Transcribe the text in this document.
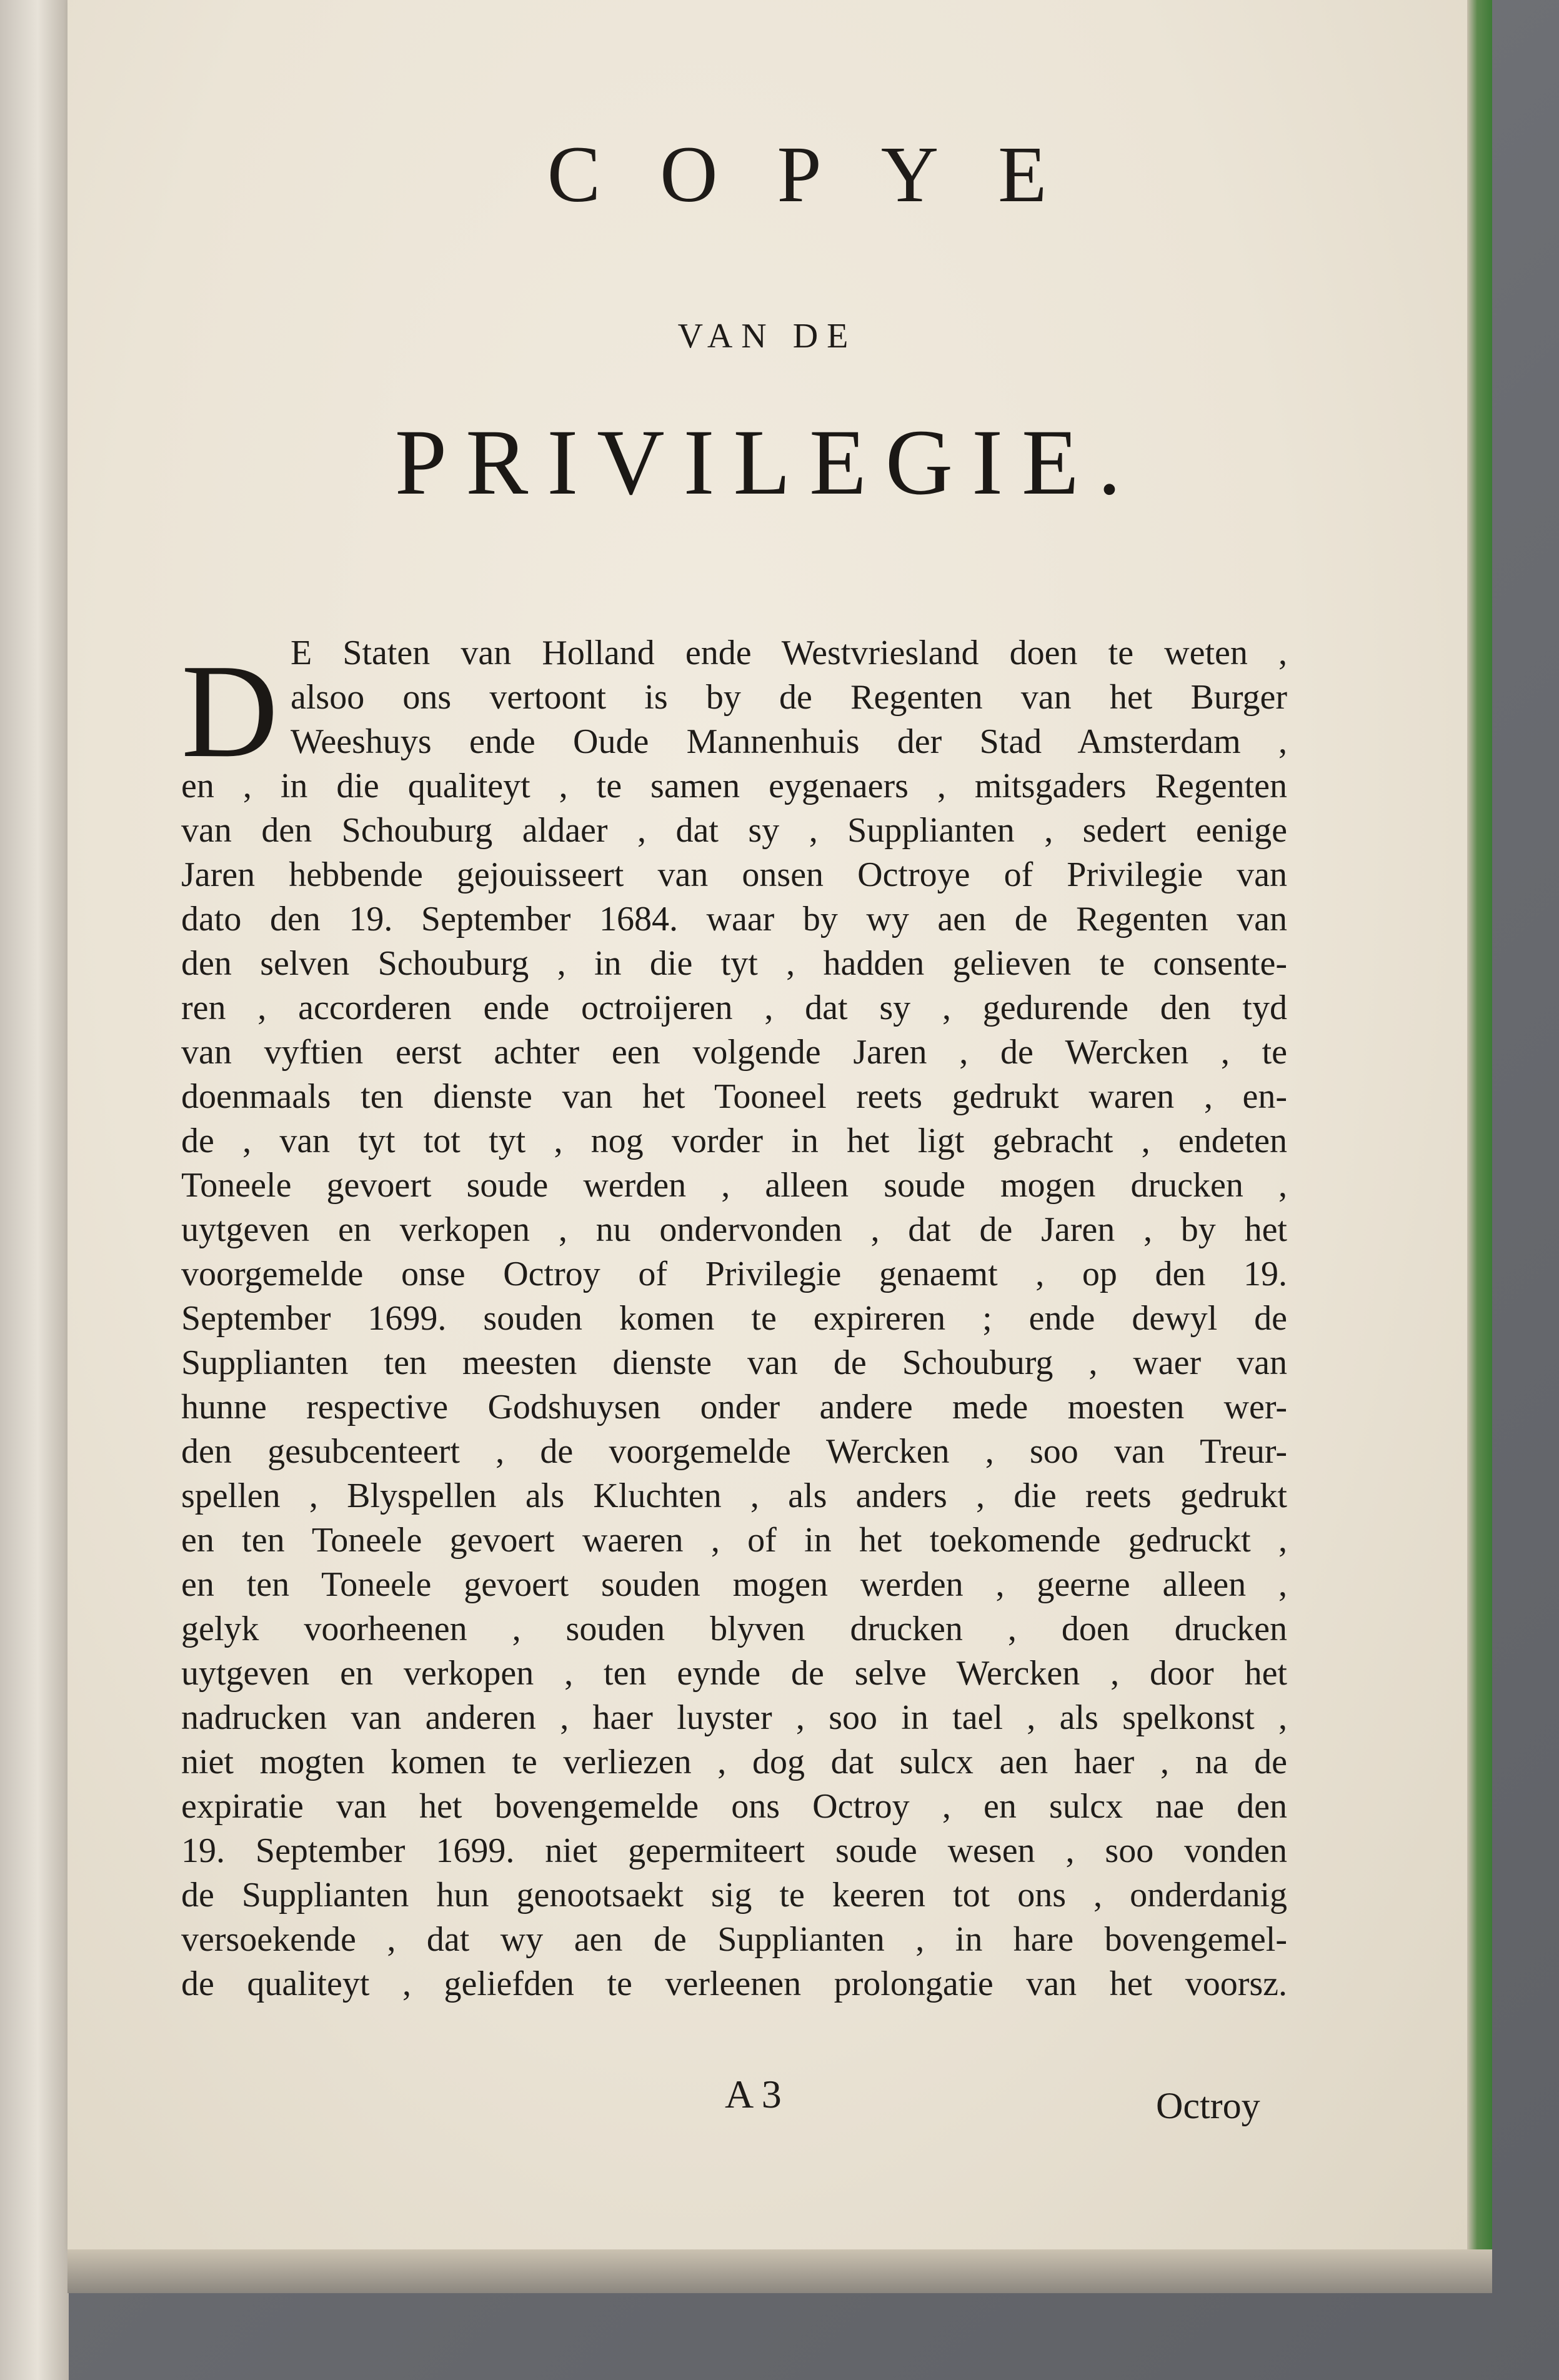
COPYE
VAN DE
PRIVILEGIE.
D E Staten van Holland ende Westvriesland doen te weten ,
alsoo ons vertoont is by de Regenten van het Burger
Weeshuys ende Oude Mannenhuis der Stad Amsterdam ,
en , in die qualiteyt , te samen eygenaers , mitsgaders Regenten
van den Schouburg aldaer , dat sy , Supplianten , sedert eenige
Jaren hebbende gejouisseert van onsen Octroye of Privilegie van
dato den 19. September 1684. waar by wy aen de Regenten van
den selven Schouburg , in die tyt , hadden gelieven te consente-
ren , accorderen ende octroijeren , dat sy , gedurende den tyd
van vyftien eerst achter een volgende Jaren , de Wercken , te
doenmaals ten dienste van het Tooneel reets gedrukt waren , en-
de , van tyt tot tyt , nog vorder in het ligt gebracht , endeten
Toneele gevoert soude werden , alleen soude mogen drucken ,
uytgeven en verkopen , nu ondervonden , dat de Jaren , by het
voorgemelde onse Octroy of Privilegie genaemt , op den 19.
September 1699. souden komen te expireren ; ende dewyl de
Supplianten ten meesten dienste van de Schouburg , waer van
hunne respective Godshuysen onder andere mede moesten wer-
den gesubcenteert , de voorgemelde Wercken , soo van Treur-
spellen , Blyspellen als Kluchten , als anders , die reets gedrukt
en ten Toneele gevoert waeren , of in het toekomende gedruckt ,
en ten Toneele gevoert souden mogen werden , geerne alleen ,
gelyk voorheenen , souden blyven drucken , doen drucken
uytgeven en verkopen , ten eynde de selve Wercken , door het
nadrucken van anderen , haer luyster , soo in tael , als spelkonst ,
niet mogten komen te verliezen , dog dat sulcx aen haer , na de
expiratie van het bovengemelde ons Octroy , en sulcx nae den
19. September 1699. niet gepermiteert soude wesen , soo vonden
de Supplianten hun genootsaekt sig te keeren tot ons , onderdanig
versoekende , dat wy aen de Supplianten , in hare bovengemel-
de qualiteyt , geliefden te verleenen prolongatie van het voorsz.
A 3	Octroy
